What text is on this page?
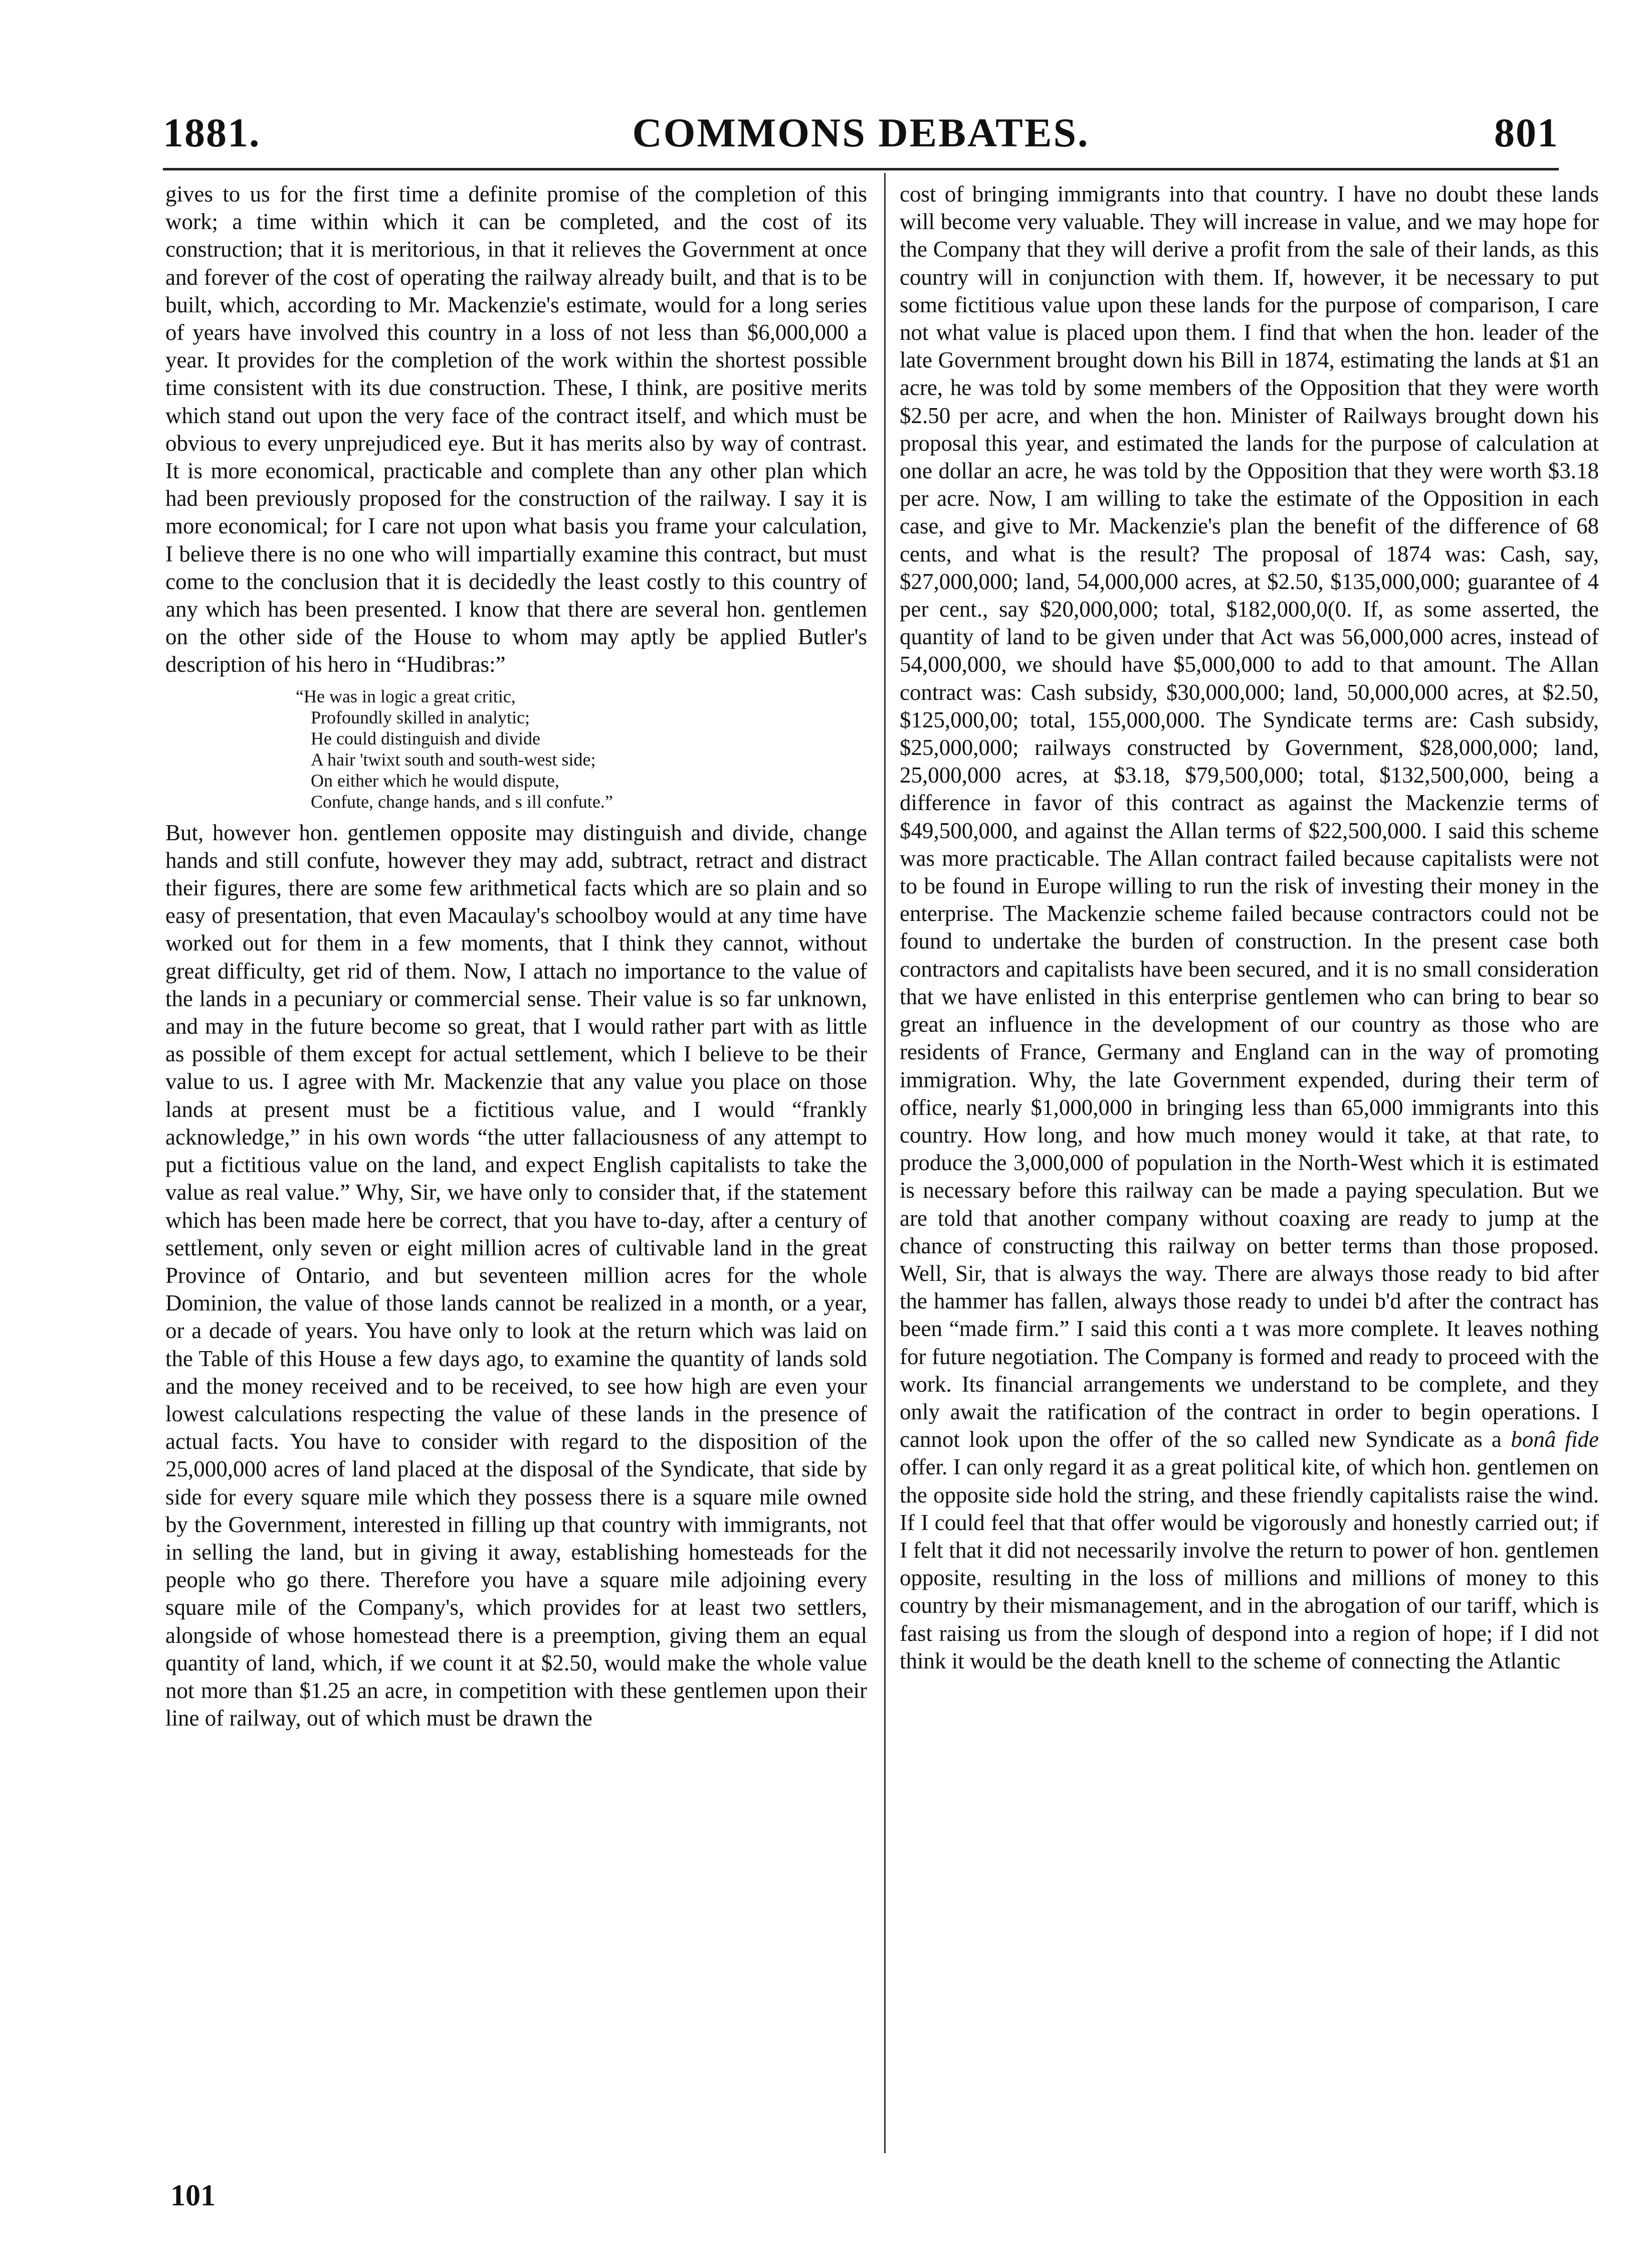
1881.	COMMONS DEBATES.	801

gives to us for the first time a definite promise of the completion of this work; a time within which it can be completed, and the cost of its construction; that it is meritorious, in that it relieves the Government at once and forever of the cost of operating the railway already built, and that is to be built, which, according to Mr. Mackenzie's estimate, would for a long series of years have involved this country in a loss of not less than $6,000,000 a year. It provides for the completion of the work within the shortest possible time consistent with its due construction. These, I think, are positive merits which stand out upon the very face of the contract itself, and which must be obvious to every unprejudiced eye. But it has merits also by way of contrast. It is more economical, practicable and complete than any other plan which had been previously proposed for the construction of the railway. I say it is more economical; for I care not upon what basis you frame your calculation, I believe there is no one who will impartially examine this contract, but must come to the conclusion that it is decidedly the least costly to this country of any which has been presented. I know that there are several hon. gentlemen on the other side of the House to whom may aptly be applied Butler's description of his hero in “Hudibras:”

“He was in logic a great critic,
Profoundly skilled in analytic;
He could distinguish and divide
A hair 'twixt south and south-west side;
On either which he would dispute,
Confute, change hands, and s ill confute.”

But, however hon. gentlemen opposite may distinguish and divide, change hands and still confute, however they may add, subtract, retract and distract their figures, there are some few arithmetical facts which are so plain and so easy of presentation, that even Macaulay's schoolboy would at any time have worked out for them in a few moments, that I think they cannot, without great difficulty, get rid of them. Now, I attach no importance to the value of the lands in a pecuniary or commercial sense. Their value is so far unknown, and may in the future become so great, that I would rather part with as little as possible of them except for actual settlement, which I believe to be their value to us. I agree with Mr. Mackenzie that any value you place on those lands at present must be a fictitious value, and I would “frankly acknowledge,” in his own words “the utter fallaciousness of any attempt to put a fictitious value on the land, and expect English capitalists to take the value as real value.” Why, Sir, we have only to consider that, if the statement which has been made here be correct, that you have to-day, after a century of settlement, only seven or eight million acres of cultivable land in the great Province of Ontario, and but seventeen million acres for the whole Dominion, the value of those lands cannot be realized in a month, or a year, or a decade of years. You have only to look at the return which was laid on the Table of this House a few days ago, to examine the quantity of lands sold and the money received and to be received, to see how high are even your lowest calculations respecting the value of these lands in the presence of actual facts. You have to consider with regard to the disposition of the 25,000,000 acres of land placed at the disposal of the Syndicate, that side by side for every square mile which they possess there is a square mile owned by the Government, interested in filling up that country with immigrants, not in selling the land, but in giving it away, establishing homesteads for the people who go there. Therefore you have a square mile adjoining every square mile of the Company's, which provides for at least two settlers, alongside of whose homestead there is a preemption, giving them an equal quantity of land, which, if we count it at $2.50, would make the whole value not more than $1.25 an acre, in competition with these gentlemen upon their line of railway, out of which must be drawn the

cost of bringing immigrants into that country. I have no doubt these lands will become very valuable. They will increase in value, and we may hope for the Company that they will derive a profit from the sale of their lands, as this country will in conjunction with them. If, however, it be necessary to put some fictitious value upon these lands for the purpose of comparison, I care not what value is placed upon them. I find that when the hon. leader of the late Government brought down his Bill in 1874, estimating the lands at $1 an acre, he was told by some members of the Opposition that they were worth $2.50 per acre, and when the hon. Minister of Railways brought down his proposal this year, and estimated the lands for the purpose of calculation at one dollar an acre, he was told by the Opposition that they were worth $3.18 per acre. Now, I am willing to take the estimate of the Opposition in each case, and give to Mr. Mackenzie's plan the benefit of the difference of 68 cents, and what is the result? The proposal of 1874 was: Cash, say, $27,000,000; land, 54,000,000 acres, at $2.50, $135,000,000; guarantee of 4 per cent., say $20,000,000; total, $182,000,0(0. If, as some asserted, the quantity of land to be given under that Act was 56,000,000 acres, instead of 54,000,000, we should have $5,000,000 to add to that amount. The Allan contract was: Cash subsidy, $30,000,000; land, 50,000,000 acres, at $2.50, $125,000,00; total, 155,000,000. The Syndicate terms are: Cash subsidy, $25,000,000; railways constructed by Government, $28,000,000; land, 25,000,000 acres, at $3.18, $79,500,000; total, $132,500,000, being a difference in favor of this contract as against the Mackenzie terms of $49,500,000, and against the Allan terms of $22,500,000. I said this scheme was more practicable. The Allan contract failed because capitalists were not to be found in Europe willing to run the risk of investing their money in the enterprise. The Mackenzie scheme failed because contractors could not be found to undertake the burden of construction. In the present case both contractors and capitalists have been secured, and it is no small consideration that we have enlisted in this enterprise gentlemen who can bring to bear so great an influence in the development of our country as those who are residents of France, Germany and England can in the way of promoting immigration. Why, the late Government expended, during their term of office, nearly $1,000,000 in bringing less than 65,000 immigrants into this country. How long, and how much money would it take, at that rate, to produce the 3,000,000 of population in the North-West which it is estimated is necessary before this railway can be made a paying speculation. But we are told that another company without coaxing are ready to jump at the chance of constructing this railway on better terms than those proposed. Well, Sir, that is always the way. There are always those ready to bid after the hammer has fallen, always those ready to undei b'd after the contract has been “made firm.” I said this conti a t was more complete. It leaves nothing for future negotiation. The Company is formed and ready to proceed with the work. Its financial arrangements we understand to be complete, and they only await the ratification of the contract in order to begin operations. I cannot look upon the offer of the so called new Syndicate as a bonâ fide offer. I can only regard it as a great political kite, of which hon. gentlemen on the opposite side hold the string, and these friendly capitalists raise the wind. If I could feel that that offer would be vigorously and honestly carried out; if I felt that it did not necessarily involve the return to power of hon. gentlemen opposite, resulting in the loss of millions and millions of money to this country by their mismanagement, and in the abrogation of our tariff, which is fast raising us from the slough of despond into a region of hope; if I did not think it would be the death knell to the scheme of connecting the Atlantic

101
